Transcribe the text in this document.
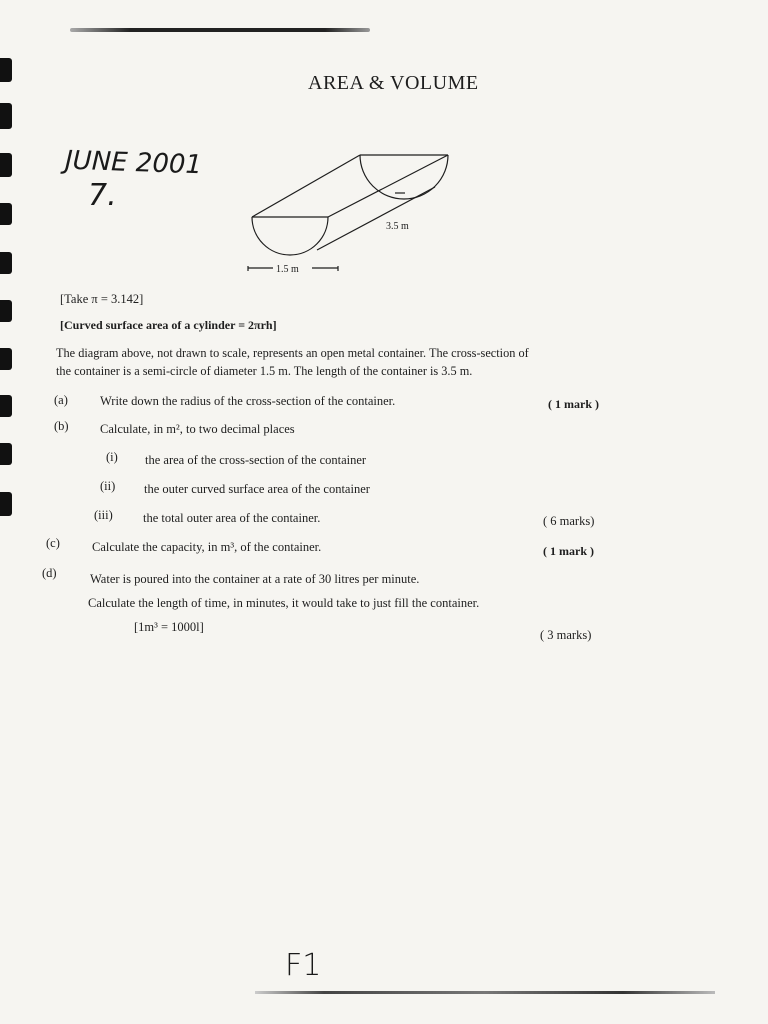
AREA & VOLUME
JUNE 2001
7.
F1
3.5 m
1.5 m
[Take π = 3.142]
[Curved surface area of a cylinder = 2πrh]
The diagram above, not drawn to scale, represents an open metal container. The cross-section of
the container is a semi-circle of diameter 1.5 m. The length of the container is 3.5 m.
(a)	Write down the radius of the cross-section of the container.	( 1 mark )
(b)	Calculate, in m², to two decimal places
(i) the area of the cross-section of the container
(ii) the outer curved surface area of the container
(iii) the total outer area of the container.	( 6 marks)
(c)	Calculate the capacity, in m³, of the container.	( 1 mark )
(d)	Water is poured into the container at a rate of 30 litres per minute.
Calculate the length of time, in minutes, it would take to just fill the container.
[1m³ = 1000l]
( 3 marks)
